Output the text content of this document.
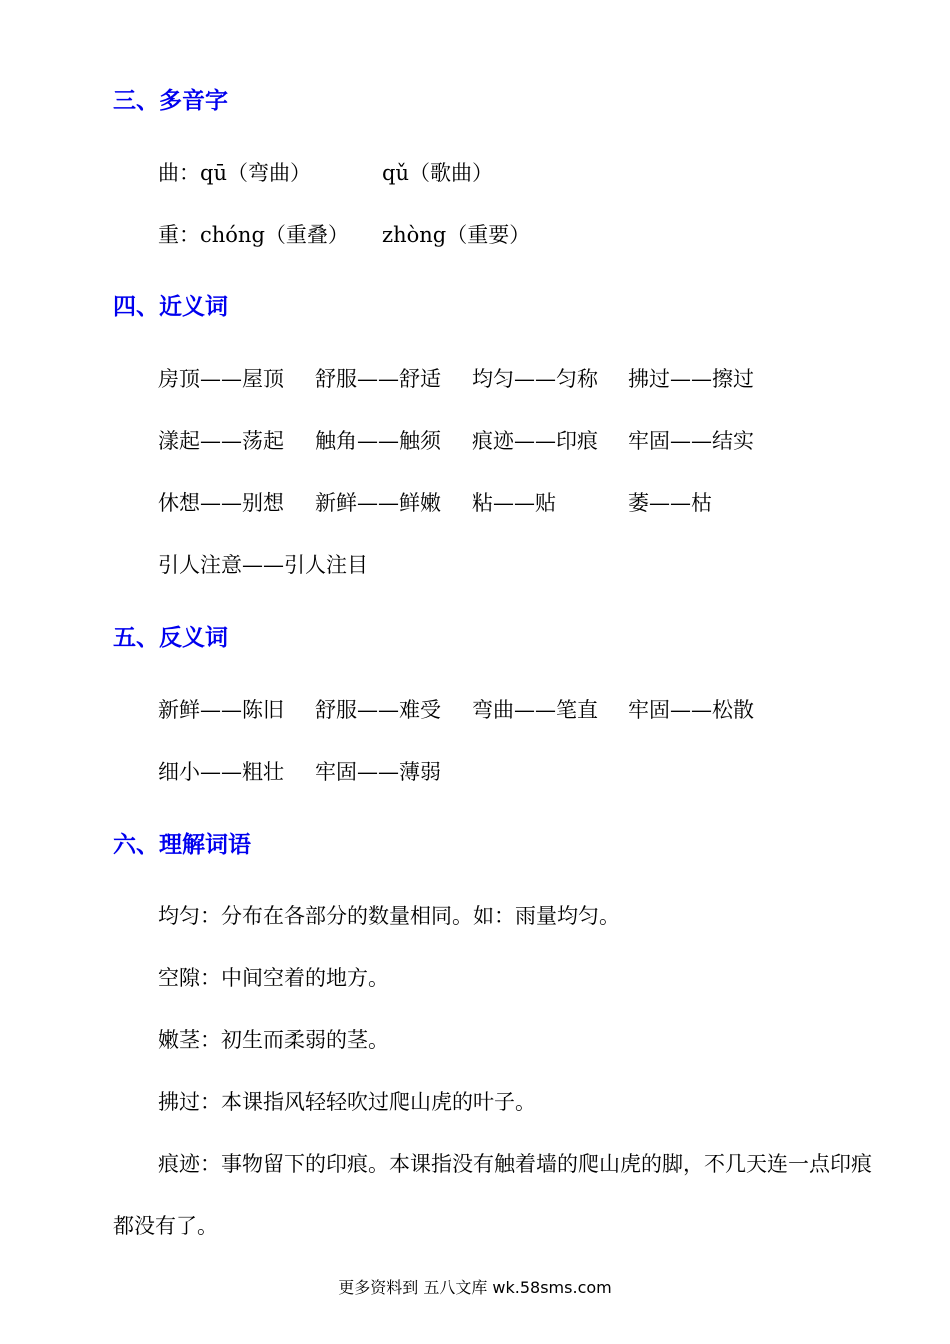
三、多音字
曲：qū（弯曲）	qǔ（歌曲）
重：chóng（重叠） zhòng（重要）
四、近义词
房顶——屋顶 舒服——舒适 均匀——匀称 拂过——擦过
漾起——荡起 触角——触须 痕迹——印痕 牢固——结实
休想——别想 新鲜——鲜嫩 粘——贴	萎——枯
引人注意——引人注目
五、反义词
新鲜——陈旧 舒服——难受 弯曲——笔直 牢固——松散
细小——粗壮 牢固——薄弱
六、理解词语

均匀：分布在各部分的数量相同。如：雨量均匀。

空隙：中间空着的地方。

嫩茎：初生而柔弱的茎。

拂过：本课指风轻轻吹过爬山虎的叶子。

痕迹：事物留下的印痕。本课指没有触着墙的爬山虎的脚，不几天连一点印痕都没有了。

更多资料到 五八文库 wk.58sms.com
